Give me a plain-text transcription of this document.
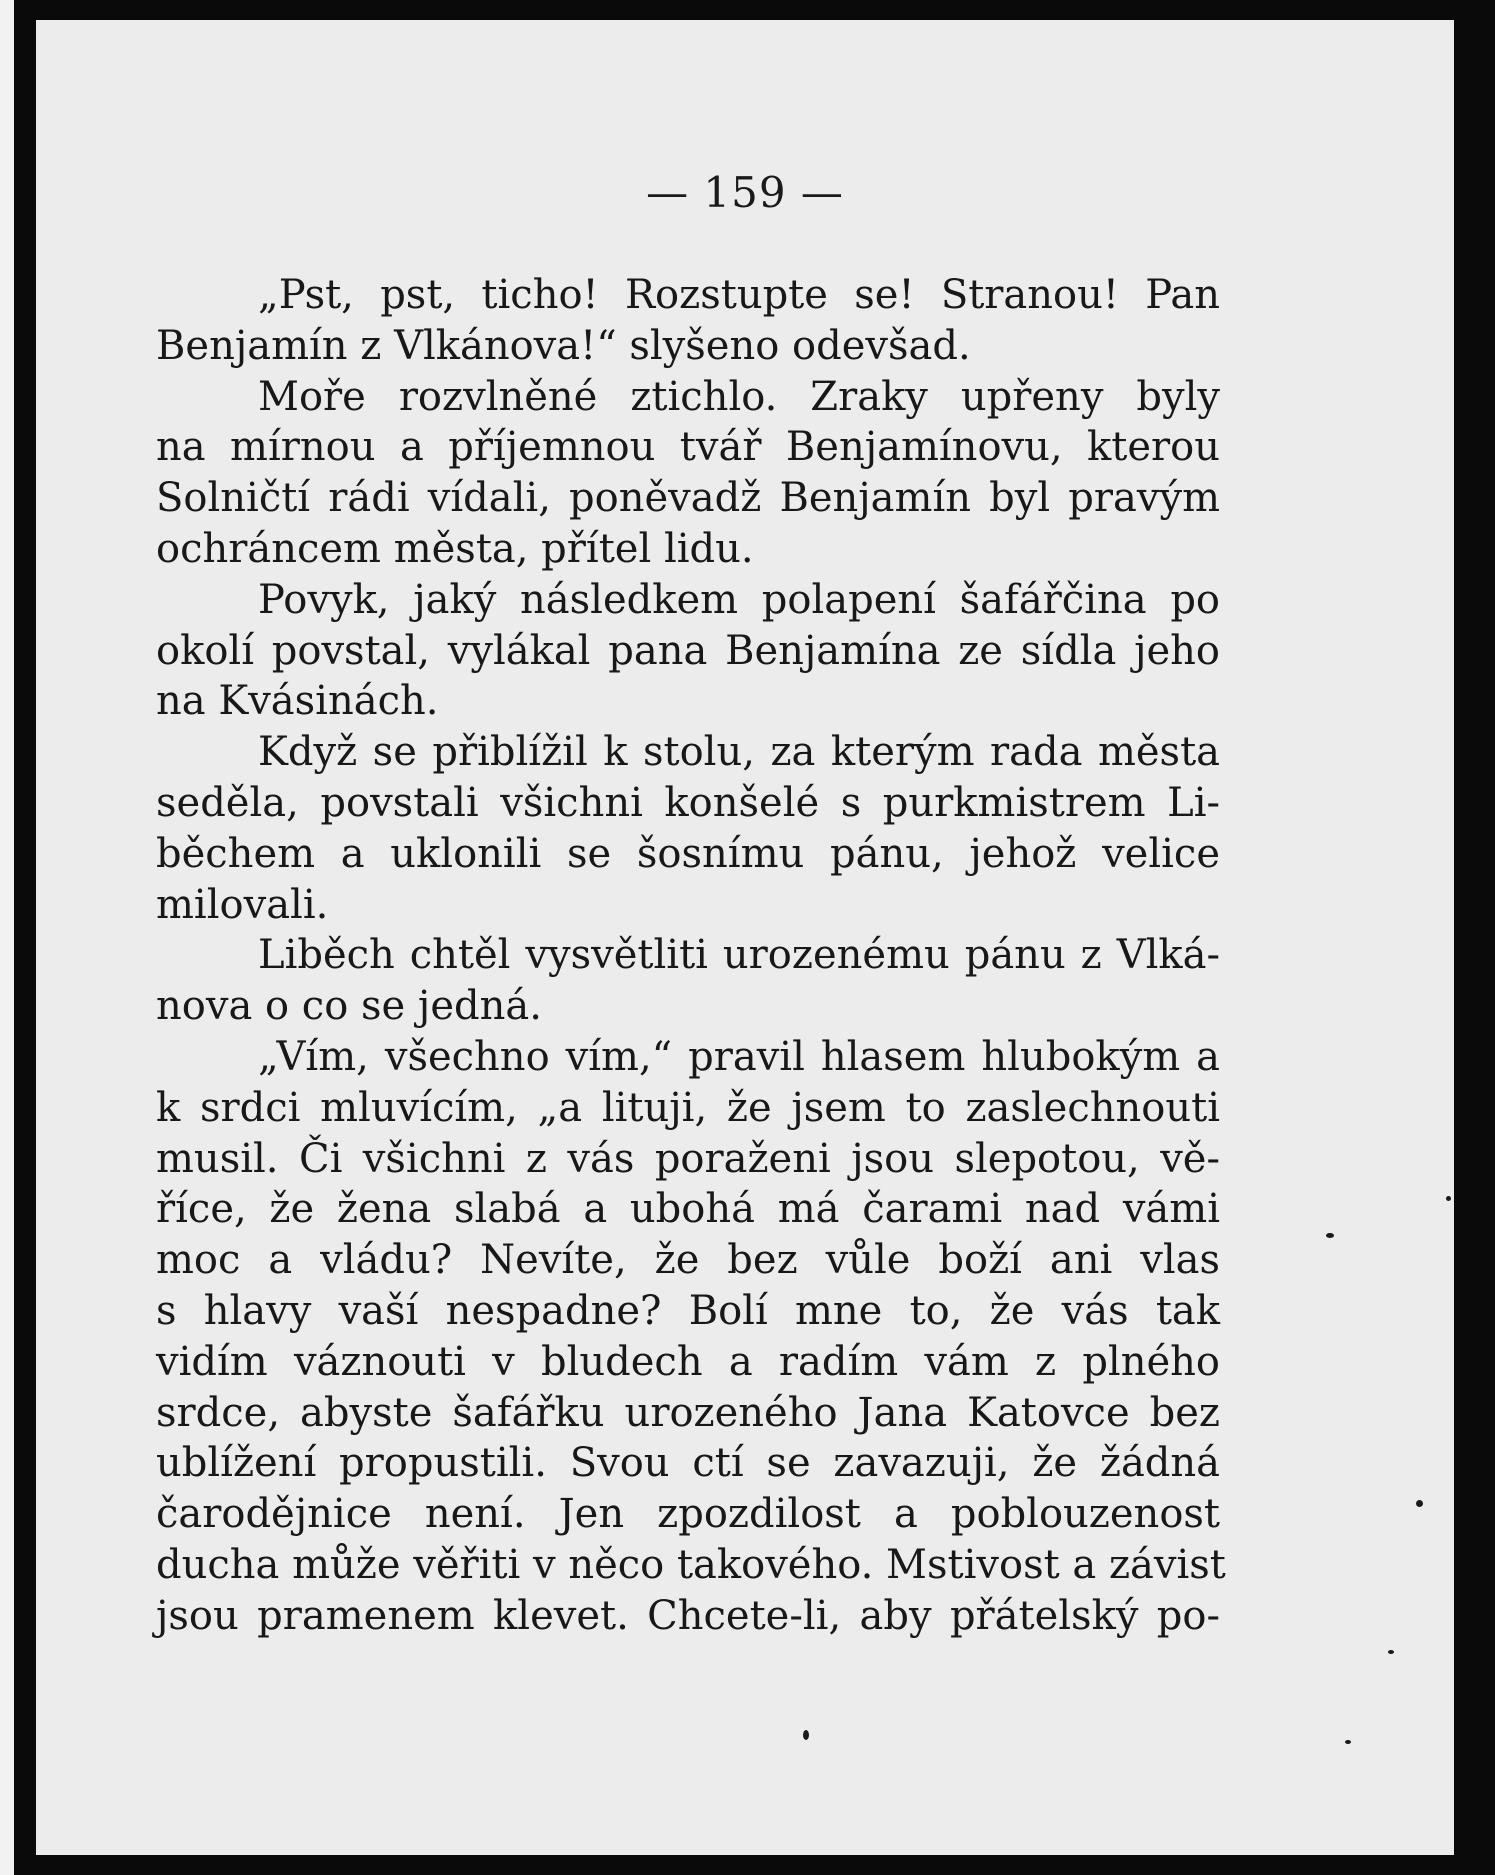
— 159 —
„Pst, pst, ticho! Rozstupte se! Stranou! Pan
Benjamín z Vlkánova!“ slyšeno odevšad.
Moře rozvlněné ztichlo. Zraky upřeny byly
na mírnou a příjemnou tvář Benjamínovu, kterou
Solničtí rádi vídali, poněvadž Benjamín byl pravým
ochráncem města, přítel lidu.
Povyk, jaký následkem polapení šafářčina po
okolí povstal, vylákal pana Benjamína ze sídla jeho
na Kvásinách.
Když se přiblížil k stolu, za kterým rada města
seděla, povstali všichni konšelé s purkmistrem Li-
běchem a uklonili se šosnímu pánu, jehož velice
milovali.
Liběch chtěl vysvětliti urozenému pánu z Vlká-
nova o co se jedná.
„Vím, všechno vím,“ pravil hlasem hlubokým a
k srdci mluvícím, „a lituji, že jsem to zaslechnouti
musil. Či všichni z vás poraženi jsou slepotou, vě-
říce, že žena slabá a ubohá má čarami nad vámi
moc a vládu? Nevíte, že bez vůle boží ani vlas
s hlavy vaší nespadne? Bolí mne to, že vás tak
vidím váznouti v bludech a radím vám z plného
srdce, abyste šafářku urozeného Jana Katovce bez
ublížení propustili. Svou ctí se zavazuji, že žádná
čarodějnice není. Jen zpozdilost a poblouzenost
ducha může věřiti v něco takového. Mstivost a závist
jsou pramenem klevet. Chcete-li, aby přátelský po-
